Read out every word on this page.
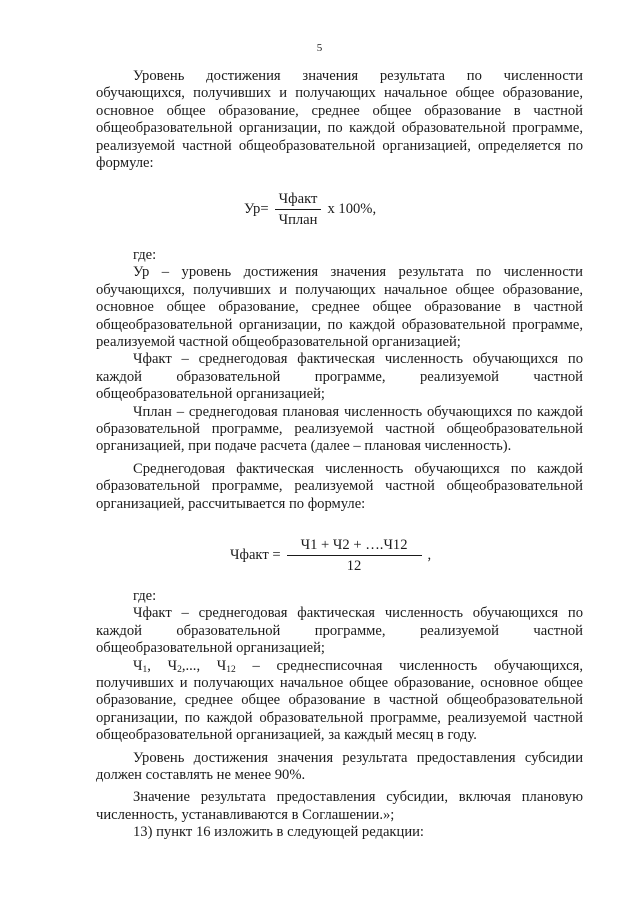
5

Уровень достижения значения результата по численности обучающихся, получивших и получающих начальное общее образование, основное общее образование, среднее общее образование в частной общеобразовательной организации, по каждой образовательной программе, реализуемой частной общеобразовательной организацией, определяется по формуле:

$Ур= \frac{\text{Чфакт}}{\text{Чплан}}$ х 100%,

где:

Ур – уровень достижения значения результата по численности обучающихся, получивших и получающих начальное общее образование, основное общее образование, среднее общее образование в частной общеобразовательной организации, по каждой образовательной программе, реализуемой частной общеобразовательной организацией;

Чфакт – среднегодовая фактическая численность обучающихся по каждой образовательной программе, реализуемой частной общеобразовательной организацией;

Чплан – среднегодовая плановая численность обучающихся по каждой образовательной программе, реализуемой частной общеобразовательной организацией, при подаче расчета (далее – плановая численность).

Среднегодовая фактическая численность обучающихся по каждой образовательной программе, реализуемой частной общеобразовательной организацией, рассчитывается по формуле:

Чфакт = $\frac{Ч1 + Ч2 + \dots.Ч12}{12}$ ,

где:

Чфакт – среднегодовая фактическая численность обучающихся по каждой образовательной программе, реализуемой частной общеобразовательной организацией;

$Ч_1$, $Ч_2$,..., $Ч_{12}$ – среднесписочная численность обучающихся, получивших и получающих начальное общее образование, основное общее образование, среднее общее образование в частной общеобразовательной организации, по каждой образовательной программе, реализуемой частной общеобразовательной организацией, за каждый месяц в году.

Уровень достижения значения результата предоставления субсидии должен составлять не менее 90%.

Значение результата предоставления субсидии, включая плановую численность, устанавливаются в Соглашении.»;

13) пункт 16 изложить в следующей редакции:
